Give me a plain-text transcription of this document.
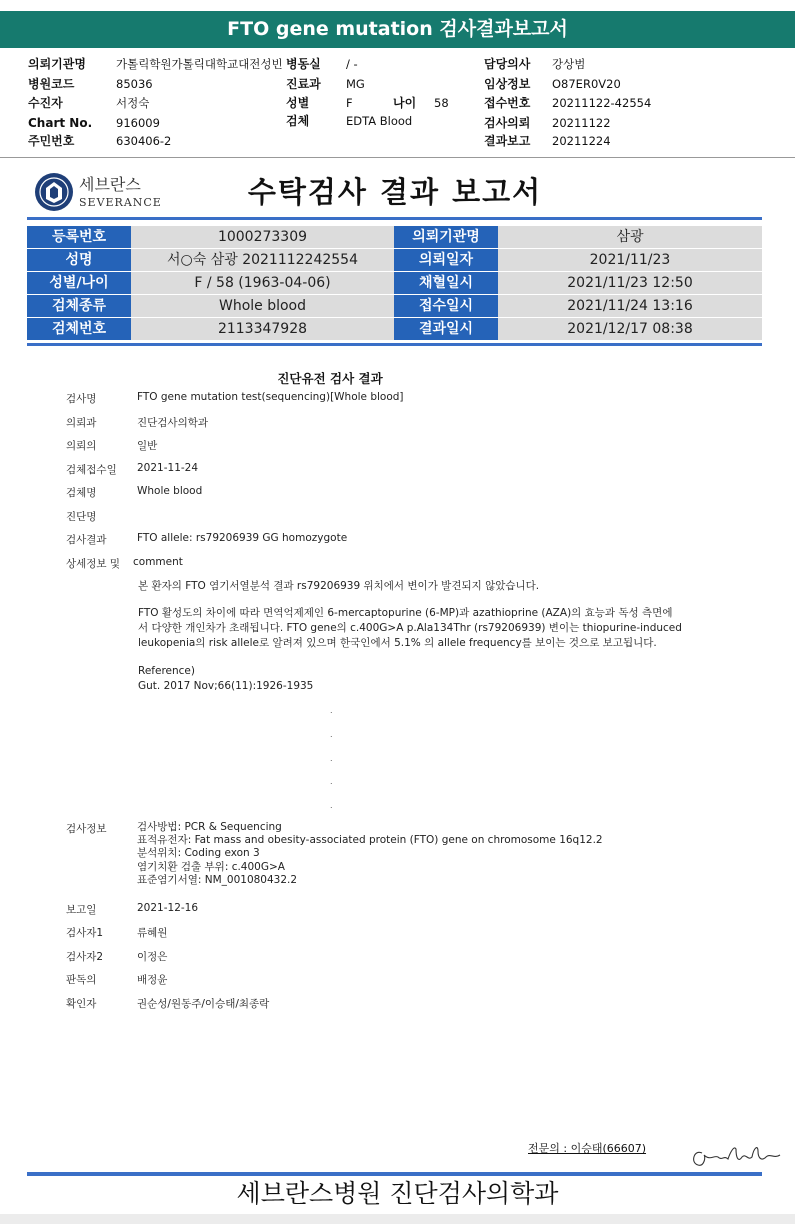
FTO gene mutation 검사결과보고서
의뢰기관명	가톨릭학원가톨릭대학교대전성빈 병동실 / -	담당의사 강상범
병원코드	85036	진료과 MG	임상정보 O87ER0V20
수진자	서정숙	성별	F	나이 58	접수번호 20211122-42554
Chart No. 916009	검체	EDTA Blood	검사의뢰 20211122
주민번호	630406-2	결과보고 20211224
세브란스
SEVERANCE	수탁검사 결과 보고서
등록번호	1000273309	의뢰기관명	삼광
성명	서○숙 삼광 2021112242554	의뢰일자	2021/11/23
성별/나이	F / 58 (1963-04-06)	채혈일시	2021/11/23 12:50
검체종류	Whole blood	접수일시	2021/11/24 13:16
검체번호	2113347928	결과일시	2021/12/17 08:38
진단유전 검사 결과
검사명	FTO gene mutation test(sequencing)[Whole blood]
의뢰과	진단검사의학과
의뢰의	일반
검체접수일 2021-11-24
검체명	Whole blood
진단명
검사결과	FTO allele: rs79206939 GG homozygote
상세정보 및 comment
본 환자의 FTO 염기서열분석 결과 rs79206939 위치에서 변이가 발견되지 않았습니다.
FTO 활성도의 차이에 따라 면역억제제인 6-mercaptopurine (6-MP)과 azathioprine (AZA)의 효능과 독성 측면에
서 다양한 개인차가 초래됩니다. FTO gene의 c.400G>A p.Ala134Thr (rs79206939) 변이는 thiopurine-induced
leukopenia의 risk allele로 알려져 있으며 한국인에서 5.1% 의 allele frequency를 보이는 것으로 보고됩니다.
Reference)
Gut. 2017 Nov;66(11):1926-1935
.
.
.
.
.
검사정보	검사방법: PCR & Sequencing
표적유전자: Fat mass and obesity-associated protein (FTO) gene on chromosome 16q12.2
분석위치: Coding exon 3
염기치환 검출 부위: c.400G>A
표준염기서열: NM_001080432.2
보고일	2021-12-16
검사자1	류혜원
검사자2	이정은
판독의	배정윤
확인자	권순성/원동주/이승태/최종락
전문의 : 이승태(66607)
세브란스병원 진단검사의학과
